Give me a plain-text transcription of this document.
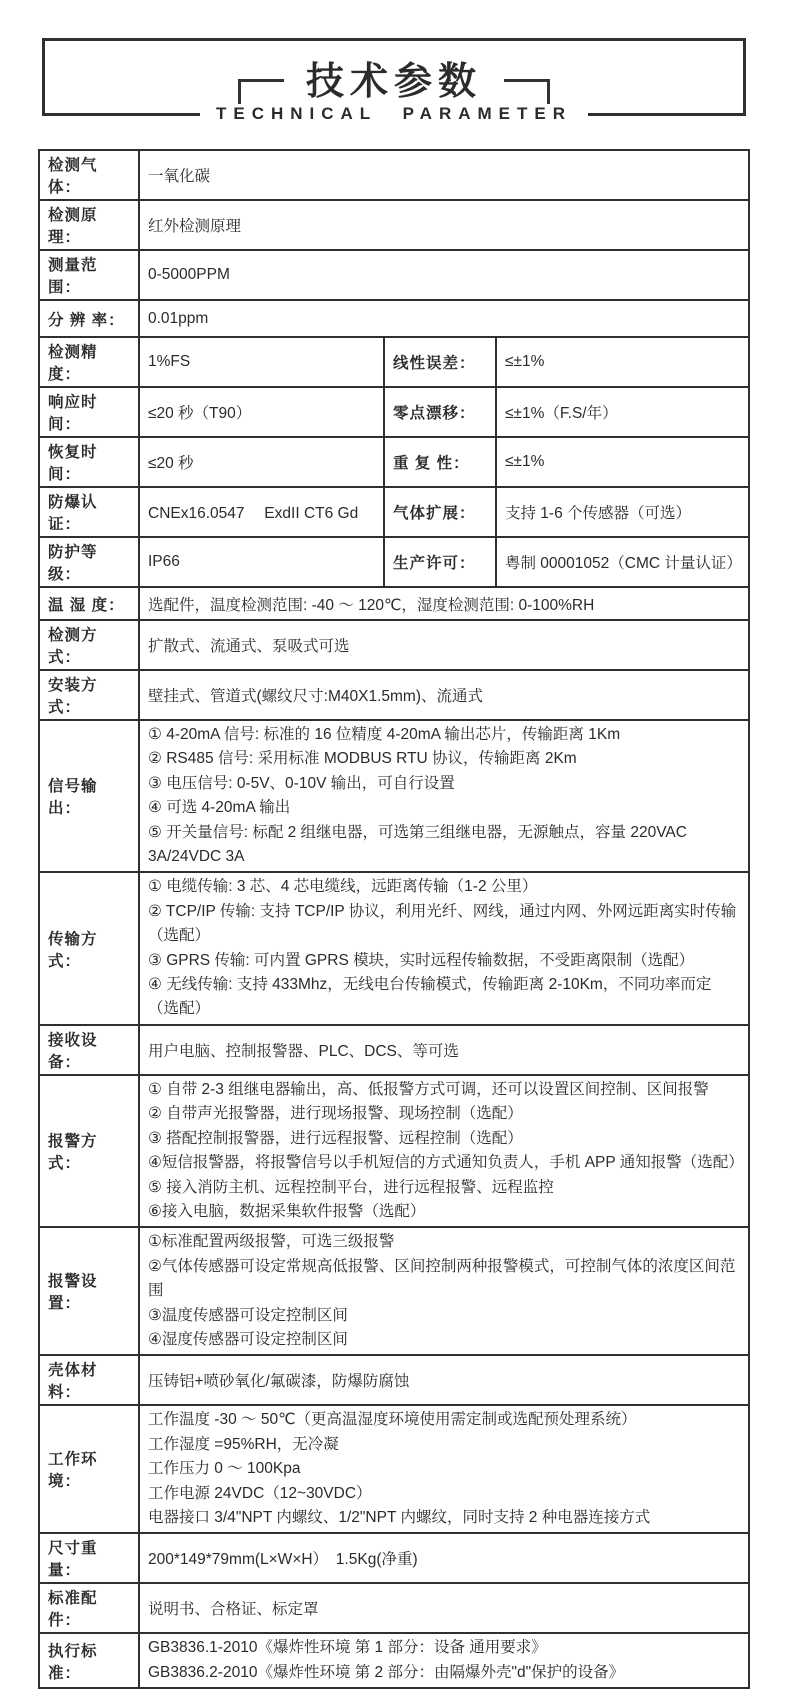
技术参数
TECHNICAL PARAMETER
检测气体：	一氧化碳		
检测原理：	红外检测原理		
测量范围：	0-5000PPM		
分 辨 率：	0.01ppm		
检测精度：	1%FS	线性误差：	≤±1%
响应时间：	≤20 秒（T90）	零点漂移：	≤±1%（F.S/年）
恢复时间：	≤20 秒	重 复 性：	≤±1%
防爆认证：	CNEx16.0547　 ExdII CT6 Gd	气体扩展：	支持 1-6 个传感器（可选）
防护等级：	IP66	生产许可：	粤制 00001052（CMC 计量认证）
温 湿 度：	选配件，温度检测范围: -40 ～ 120℃，湿度检测范围: 0-100%RH		
检测方式：	扩散式、流通式、泵吸式可选		
安装方式：	壁挂式、管道式(螺纹尺寸:M40X1.5mm)、流通式		
信号输出：	① 4-20mA 信号: 标准的 16 位精度 4-20mA 输出芯片，传输距离 1Km
② RS485 信号: 采用标准 MODBUS RTU 协议，传输距离 2Km
③ 电压信号: 0-5V、0-10V 输出，可自行设置
④ 可选 4-20mA 输出
⑤ 开关量信号: 标配 2 组继电器，可选第三组继电器，无源触点，容量 220VAC 3A/24VDC 3A		

传输方式：	① 电缆传输: 3 芯、4 芯电缆线，远距离传输（1-2 公里）
② TCP/IP 传输: 支持 TCP/IP 协议，利用光纤、网线，通过内网、外网远距离实时传输（选配）
③ GPRS 传输: 可内置 GPRS 模块，实时远程传输数据，不受距离限制（选配）
④ 无线传输: 支持 433Mhz，无线电台传输模式，传输距离 2-10Km，不同功率而定（选配）		

接收设备：	用户电脑、控制报警器、PLC、DCS、等可选		
报警方式：	
① 自带 2-3 组继电器输出，高、低报警方式可调，还可以设置区间控制、区间报警
② 自带声光报警器，进行现场报警、现场控制（选配）
③ 搭配控制报警器，进行远程报警、远程控制（选配）
④短信报警器，将报警信号以手机短信的方式通知负责人，手机 APP 通知报警（选配）
⑤ 接入消防主机、远程控制平台，进行远程报警、远程监控
⑥接入电脑，数据采集软件报警（选配）

报警设置：	①标准配置两级报警，可选三级报警
②气体传感器可设定常规高低报警、区间控制两种报警模式，可控制气体的浓度区间范围
③温度传感器可设定控制区间
④湿度传感器可设定控制区间		

壳体材料：	压铸铝+喷砂氧化/氟碳漆，防爆防腐蚀		
工作环境：	工作温度 -30 ～ 50℃（更高温湿度环境使用需定制或选配预处理系统）
工作湿度 =95%RH，无冷凝
工作压力 0 ～ 100Kpa
工作电源 24VDC（12~30VDC）
电器接口 3/4"NPT 内螺纹、1/2"NPT 内螺纹，同时支持 2 种电器连接方式		

尺寸重量：	200*149*79mm(L×W×H）　1.5Kg(净重)		
标准配件：	说明书、合格证、标定罩		
执行标准：	GB3836.1-2010《爆炸性环境 第 1 部分：设备 通用要求》
GB3836.2-2010《爆炸性环境 第 2 部分：由隔爆外壳"d"保护的设备》		
